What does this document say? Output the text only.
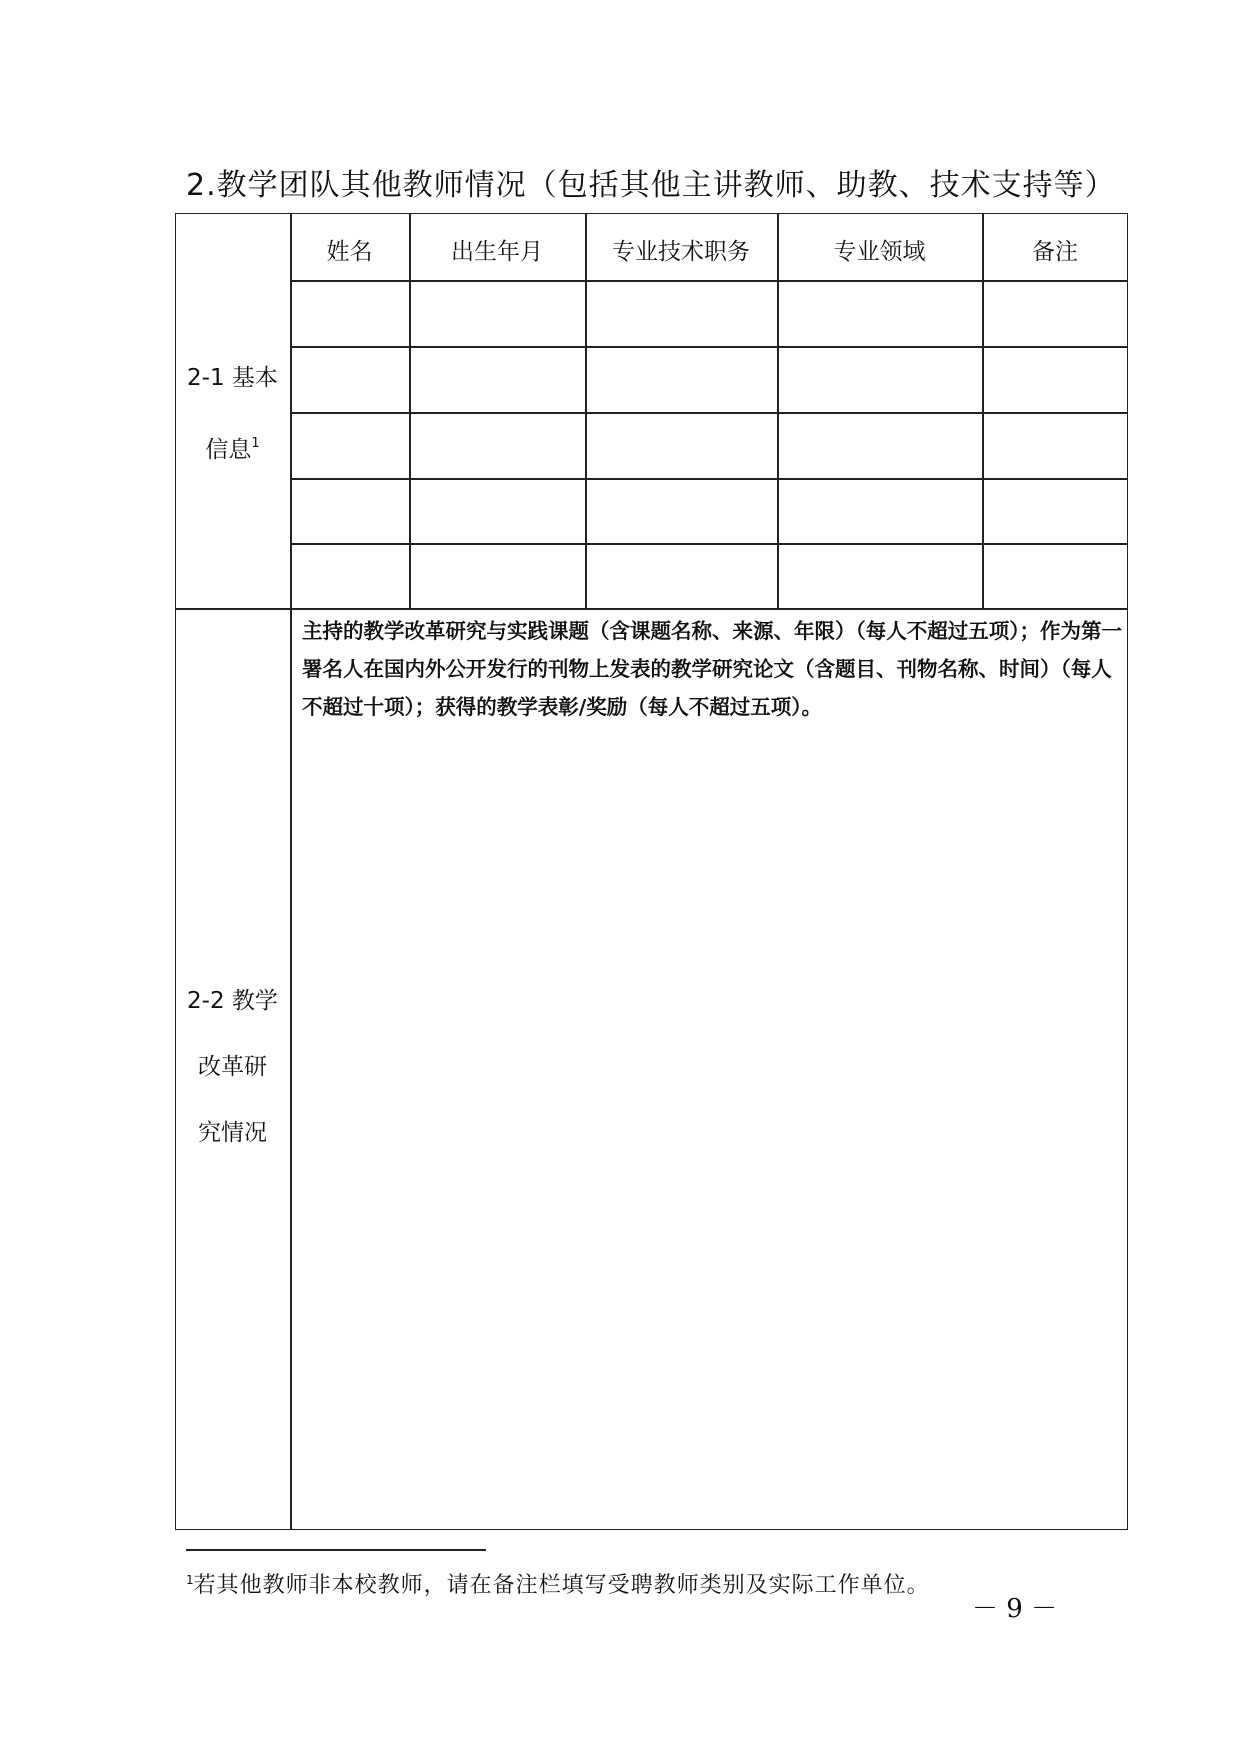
2.教学团队其他教师情况（包括其他主讲教师、助教、技术支持等）
姓名	出生年月	专业技术职务	专业领域	备注
2-1 基本
信息$^1$
2-2 教学
改革研
究情况
主持的教学改革研究与实践课题（含课题名称、来源、年限）（每人不超过五项）；作为第一署名人在国内外公开发行的刊物上发表的教学研究论文（含题目、刊物名称、时间）（每人不超过十项）；获得的教学表彰/奖励（每人不超过五项）。
$^1$若其他教师非本校教师，请在备注栏填写受聘教师类别及实际工作单位。
－ 9 －
